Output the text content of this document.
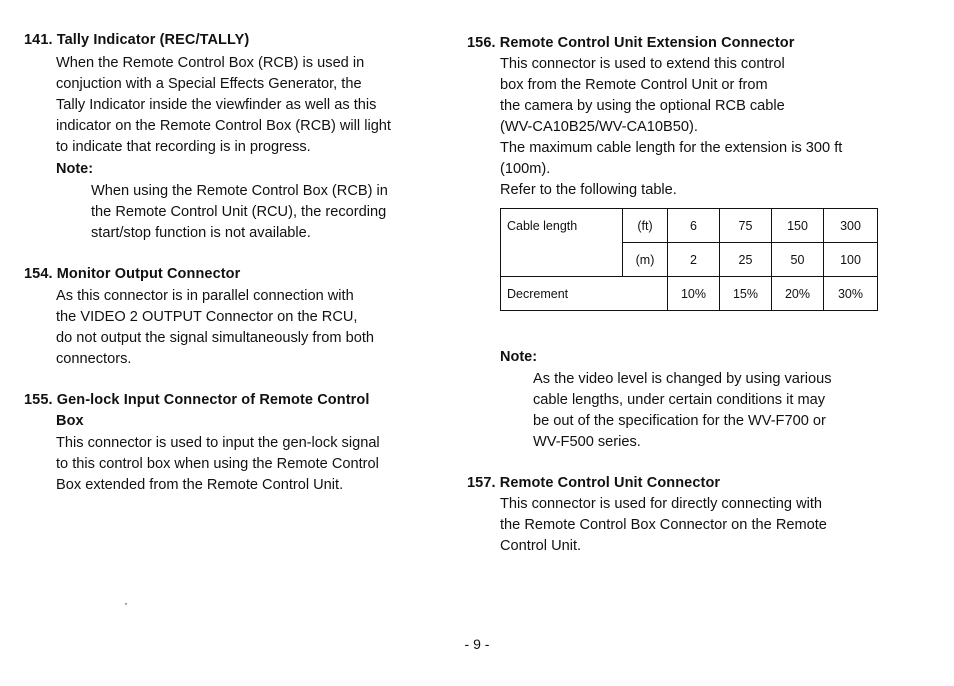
141. Tally Indicator (REC/TALLY)
When the Remote Control Box (RCB) is used in
conjuction with a Special Effects Generator, the
Tally Indicator inside the viewfinder as well as this
indicator on the Remote Control Box (RCB) will light
to indicate that recording is in progress.
Note:
When using the Remote Control Box (RCB) in
the Remote Control Unit (RCU), the recording
start/stop function is not available.
154. Monitor Output Connector
As this connector is in parallel connection with
the VIDEO 2 OUTPUT Connector on the RCU,
do not output the signal simultaneously from both
connectors.
155. Gen-lock Input Connector of Remote Control
Box
This connector is used to input the gen-lock signal
to this control box when using the Remote Control
Box extended from the Remote Control Unit.
156. Remote Control Unit Extension Connector
This connector is used to extend this control
box from the Remote Control Unit or from
the camera by using the optional RCB cable
(WV-CA10B25/WV-CA10B50).
The maximum cable length for the extension is 300 ft
(100m).
Refer to the following table.
Cable length	(ft)	6	75	150	300
	(m)	2	25	50	100
Decrement		10%	15%	20%	30%
Note:
As the video level is changed by using various
cable lengths, under certain conditions it may
be out of the specification for the WV-F700 or
WV-F500 series.
157. Remote Control Unit Connector
This connector is used for directly connecting with
the Remote Control Box Connector on the Remote
Control Unit.
·
- 9 -
